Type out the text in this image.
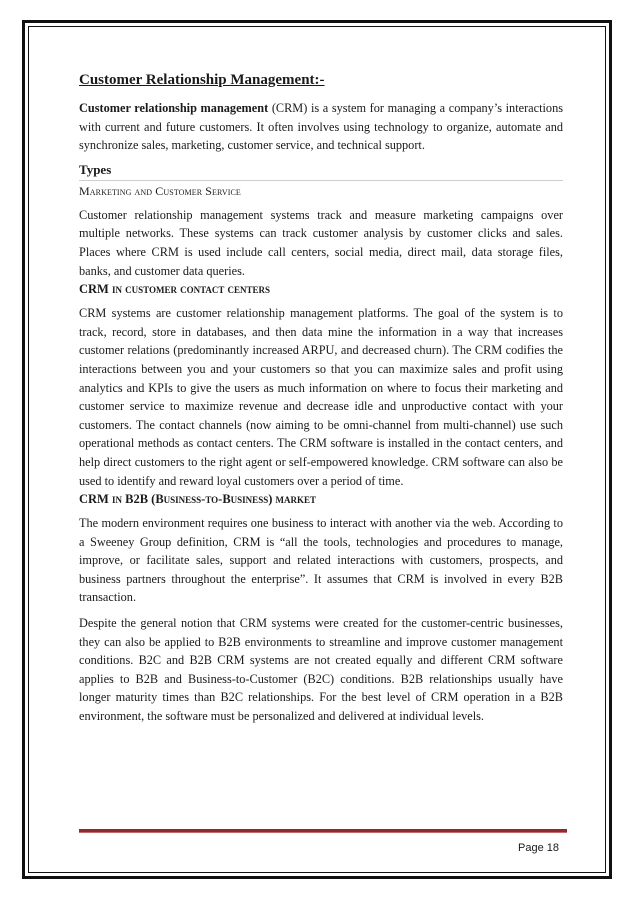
Customer Relationship Management:-

Customer relationship management (CRM) is a system for managing a company’s interactions with current and future customers. It often involves using technology to organize, automate and synchronize sales, marketing, customer service, and technical support.

Types
Marketing and Customer Service

Customer relationship management systems track and measure marketing campaigns over multiple networks. These systems can track customer analysis by customer clicks and sales. Places where CRM is used include call centers, social media, direct mail, data storage files, banks, and customer data queries.

CRM in customer contact centers

CRM systems are customer relationship management platforms. The goal of the system is to track, record, store in databases, and then data mine the information in a way that increases customer relations (predominantly increased ARPU, and decreased churn). The CRM codifies the interactions between you and your customers so that you can maximize sales and profit using analytics and KPIs to give the users as much information on where to focus their marketing and customer service to maximize revenue and decrease idle and unproductive contact with your customers. The contact channels (now aiming to be omni-channel from multi-channel) use such operational methods as contact centers. The CRM software is installed in the contact centers, and help direct customers to the right agent or self-empowered knowledge. CRM software can also be used to identify and reward loyal customers over a period of time.

CRM in B2B (Business-to-Business) market

The modern environment requires one business to interact with another via the web. According to a Sweeney Group definition, CRM is “all the tools, technologies and procedures to manage, improve, or facilitate sales, support and related interactions with customers, prospects, and business partners throughout the enterprise”. It assumes that CRM is involved in every B2B transaction.

Despite the general notion that CRM systems were created for the customer-centric businesses, they can also be applied to B2B environments to streamline and improve customer management conditions. B2C and B2B CRM systems are not created equally and different CRM software applies to B2B and Business-to-Customer (B2C) conditions. B2B relationships usually have longer maturity times than B2C relationships. For the best level of CRM operation in a B2B environment, the software must be personalized and delivered at individual levels.

Page 18
